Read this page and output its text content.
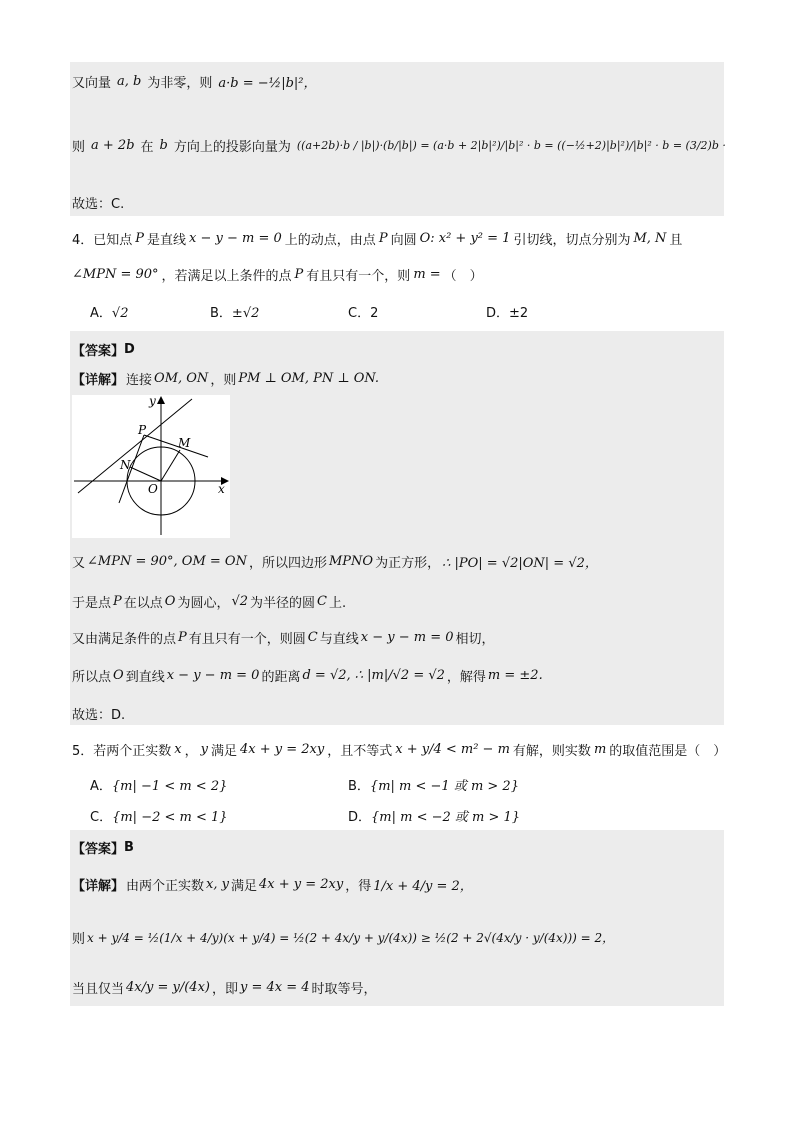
又向量 a, b 为非零，则 a·b = −½|b|²，
则 a + 2b 在 b 方向上的投影向量为 ((a+2b)·b / |b|)·(b/|b|) = (a·b + 2|b|²)/|b|² · b = ((−½+2)|b|²)/|b|² · b = (3/2)b ·
故选：C.
4．已知点 P 是直线 x − y − m = 0 上的动点，由点 P 向圆 O: x² + y² = 1 引切线，切点分别为 M, N 且
∠MPN = 90° ，若满足以上条件的点 P 有且只有一个，则 m = （　）
A．√2	B．±√2	C．2	D．±2
【答案】 D
【详解】 连接 OM, ON ，则 PM ⊥ OM, PN ⊥ ON.
y
x
P
M
N
O
又 ∠MPN = 90°, OM = ON ，所以四边形 MPNO 为正方形， ∴ |PO| = √2|ON| = √2，
于是点 P 在以点 O 为圆心， √2 为半径的圆 C 上.
又由满足条件的点 P 有且只有一个，则圆 C 与直线 x − y − m = 0 相切，
所以点 O 到直线 x − y − m = 0 的距离 d = √2, ∴ |m|/√2 = √2 ，解得 m = ±2.
故选：D.
5．若两个正实数 x ， y 满足 4x + y = 2xy ，且不等式 x + y/4 < m² − m 有解，则实数 m 的取值范围是（　）
A．{m| −1 < m < 2}	B．{m| m < −1 或 m > 2}
C．{m| −2 < m < 1}	D．{m| m < −2 或 m > 1}
【答案】 B
【详解】 由两个正实数 x, y 满足 4x + y = 2xy ，得 1/x + 4/y = 2，
则 x + y/4 = ½(1/x + 4/y)(x + y/4) = ½(2 + 4x/y + y/(4x)) ≥ ½(2 + 2√(4x/y · y/(4x))) = 2，
当且仅当 4x/y = y/(4x) ，即 y = 4x = 4 时取等号，
